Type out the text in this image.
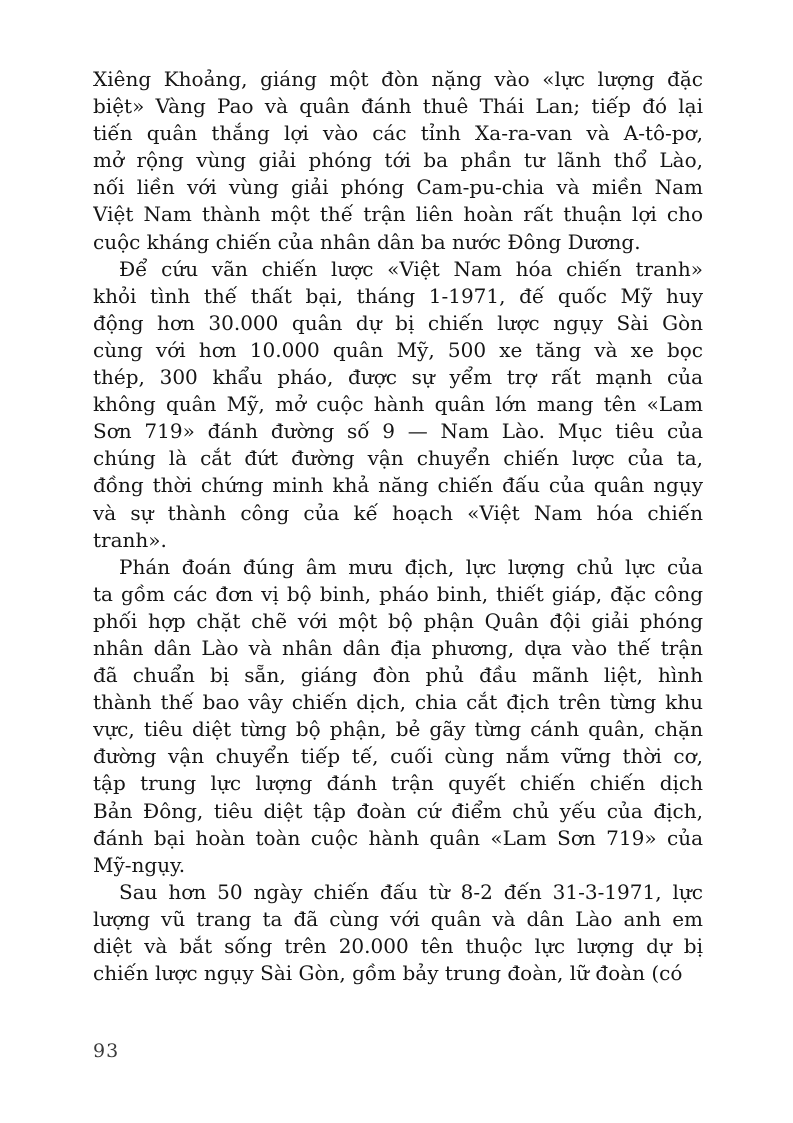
Xiêng Khoảng, giáng một đòn nặng vào «lực lượng đặc
biệt» Vàng Pao và quân đánh thuê Thái Lan; tiếp đó lại
tiến quân thắng lợi vào các tỉnh Xa-ra-van và A-tô-pơ,
mở rộng vùng giải phóng tới ba phần tư lãnh thổ Lào,
nối liền với vùng giải phóng Cam-pu-chia và miền Nam
Việt Nam thành một thế trận liên hoàn rất thuận lợi cho
cuộc kháng chiến của nhân dân ba nước Đông Dương.
Để cứu vãn chiến lược «Việt Nam hóa chiến tranh»
khỏi tình thế thất bại, tháng 1-1971, đế quốc Mỹ huy
động hơn 30.000 quân dự bị chiến lược ngụy Sài Gòn
cùng với hơn 10.000 quân Mỹ, 500 xe tăng và xe bọc
thép, 300 khẩu pháo, được sự yểm trợ rất mạnh của
không quân Mỹ, mở cuộc hành quân lớn mang tên «Lam
Sơn 719» đánh đường số 9 — Nam Lào. Mục tiêu của
chúng là cắt đứt đường vận chuyển chiến lược của ta,
đồng thời chứng minh khả năng chiến đấu của quân ngụy
và sự thành công của kế hoạch «Việt Nam hóa chiến
tranh».
Phán đoán đúng âm mưu địch, lực lượng chủ lực của
ta gồm các đơn vị bộ binh, pháo binh, thiết giáp, đặc công
phối hợp chặt chẽ với một bộ phận Quân đội giải phóng
nhân dân Lào và nhân dân địa phương, dựa vào thế trận
đã chuẩn bị sẵn, giáng đòn phủ đầu mãnh liệt, hình
thành thế bao vây chiến dịch, chia cắt địch trên từng khu
vực, tiêu diệt từng bộ phận, bẻ gãy từng cánh quân, chặn
đường vận chuyển tiếp tế, cuối cùng nắm vững thời cơ,
tập trung lực lượng đánh trận quyết chiến chiến dịch
Bản Đông, tiêu diệt tập đoàn cứ điểm chủ yếu của địch,
đánh bại hoàn toàn cuộc hành quân «Lam Sơn 719» của
Mỹ-ngụy.
Sau hơn 50 ngày chiến đấu từ 8-2 đến 31-3-1971, lực
lượng vũ trang ta đã cùng với quân và dân Lào anh em
diệt và bắt sống trên 20.000 tên thuộc lực lượng dự bị
chiến lược ngụy Sài Gòn, gồm bảy trung đoàn, lữ đoàn (có
93
